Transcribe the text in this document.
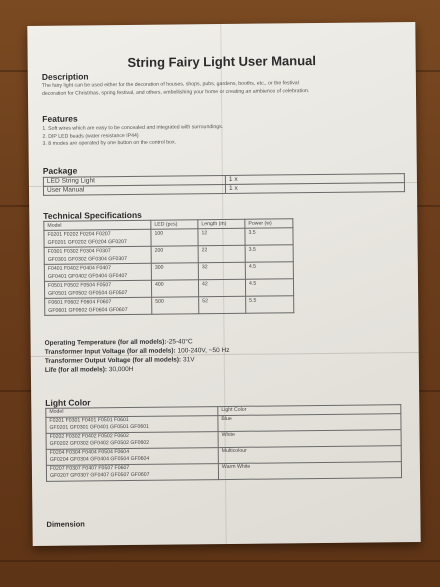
String Fairy Light User Manual
Description
The fairy light can be used either for the decoration of houses, shops, pubs, gardens, booths, etc., or the festival
decoration for Christmas, spring festival, and others, embellishing your home or creating an ambience of celebration.
Features
1. Soft wires which are easy to be concealed and integrated with surroundings.
2. DIP LED beads (water resistance IP44)
3. 8 modes are operated by one button on the control box.
Package
LED String Light	1 x
User Manual	1 x
Technical Specifications
Model	LED (pcs)	Length (m)	Power (w)

F0201 F0202 F0204 F0207
GF0201 GF0202 GF0204 GF0207	100	12	3.5

F0301 F0302 F0304 F0307
GF0301 GF0302 GF0304 GF0307	200	22	3.5

F0401 F0402 F0404 F0407
GF0401 GF0402 GF0404 GF0407	300	32	4.5

F0501 F0502 F0504 F0507
GF0501 GF0502 GF0504 GF0507	400	42	4.5

F0601 F0602 F0604 F0607
GF0601 GF0602 GF0604 GF0607	500	52	5.5
Operating Temperature (for all models):-25-40°C
Transformer Input Voltage (for all models): 100-240V, ~50 Hz
Transformer Output Voltage (for all models): 31V
Life (for all models): 30,000H
Light Color
Model	Light Color

F0201 F0301 F0401 F0501 F0601
GF0201 GF0301 GF0401 GF0501 GF0601	Blue

F0202 F0302 F0402 F0502 F0602
GF0202 GF0302 GF0402 GF0502 GF0602	White

F0204 F0304 F0404 F0504 F0604
GF0204 GF0304 GF0404 GF0504 GF0604	Multicolour

F0207 F0307 F0407 F0507 F0607
GF0207 GF0307 GF0407 GF0507 GF0607	Warm White
Dimension
